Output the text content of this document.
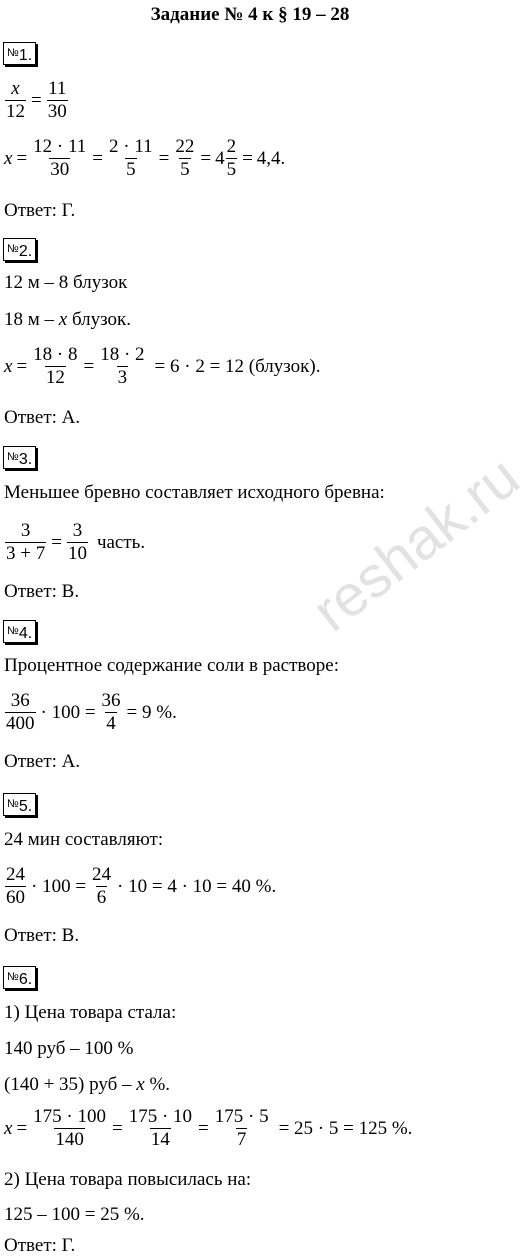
Задание № 4 к § 19 – 28
№1.
$\frac{x}{12} = \frac{11}{30}$
$x = \frac{12 \cdot 11}{30} = \frac{2 \cdot 11}{5} = \frac{22}{5} = 4 \frac{2}{5} = 4,4$.
Ответ: Г.
№2.
12 м – 8 блузок
18 м – x блузок.
$x = \frac{18 \cdot 8}{12} = \frac{18 \cdot 2}{3} = 6 \cdot 2 = 12$ (блузок).
Ответ: А.
№3.
Меньшее бревно составляет исходного бревна:
$\frac{3}{3 + 7} = \frac{3}{10}$ часть.
Ответ: В.
№4.
Процентное содержание соли в растворе:
$\frac{36}{400} \cdot 100 = \frac{36}{4} = 9$ %.
Ответ: А.
№5.
24 мин составляют:
$\frac{24}{60} \cdot 100 = \frac{24}{6} \cdot 10 = 4 \cdot 10 = 40$ %.
Ответ: В.
№6.
1) Цена товара стала:
140 руб – 100 %
(140 + 35) руб – x %.
$x = \frac{175 \cdot 100}{140} = \frac{175 \cdot 10}{14} = \frac{175 \cdot 5}{7} = 25 \cdot 5 = 125$ %.
2) Цена товара повысилась на:
125 – 100 = 25 %.
Ответ: Г.
reshak.ru
